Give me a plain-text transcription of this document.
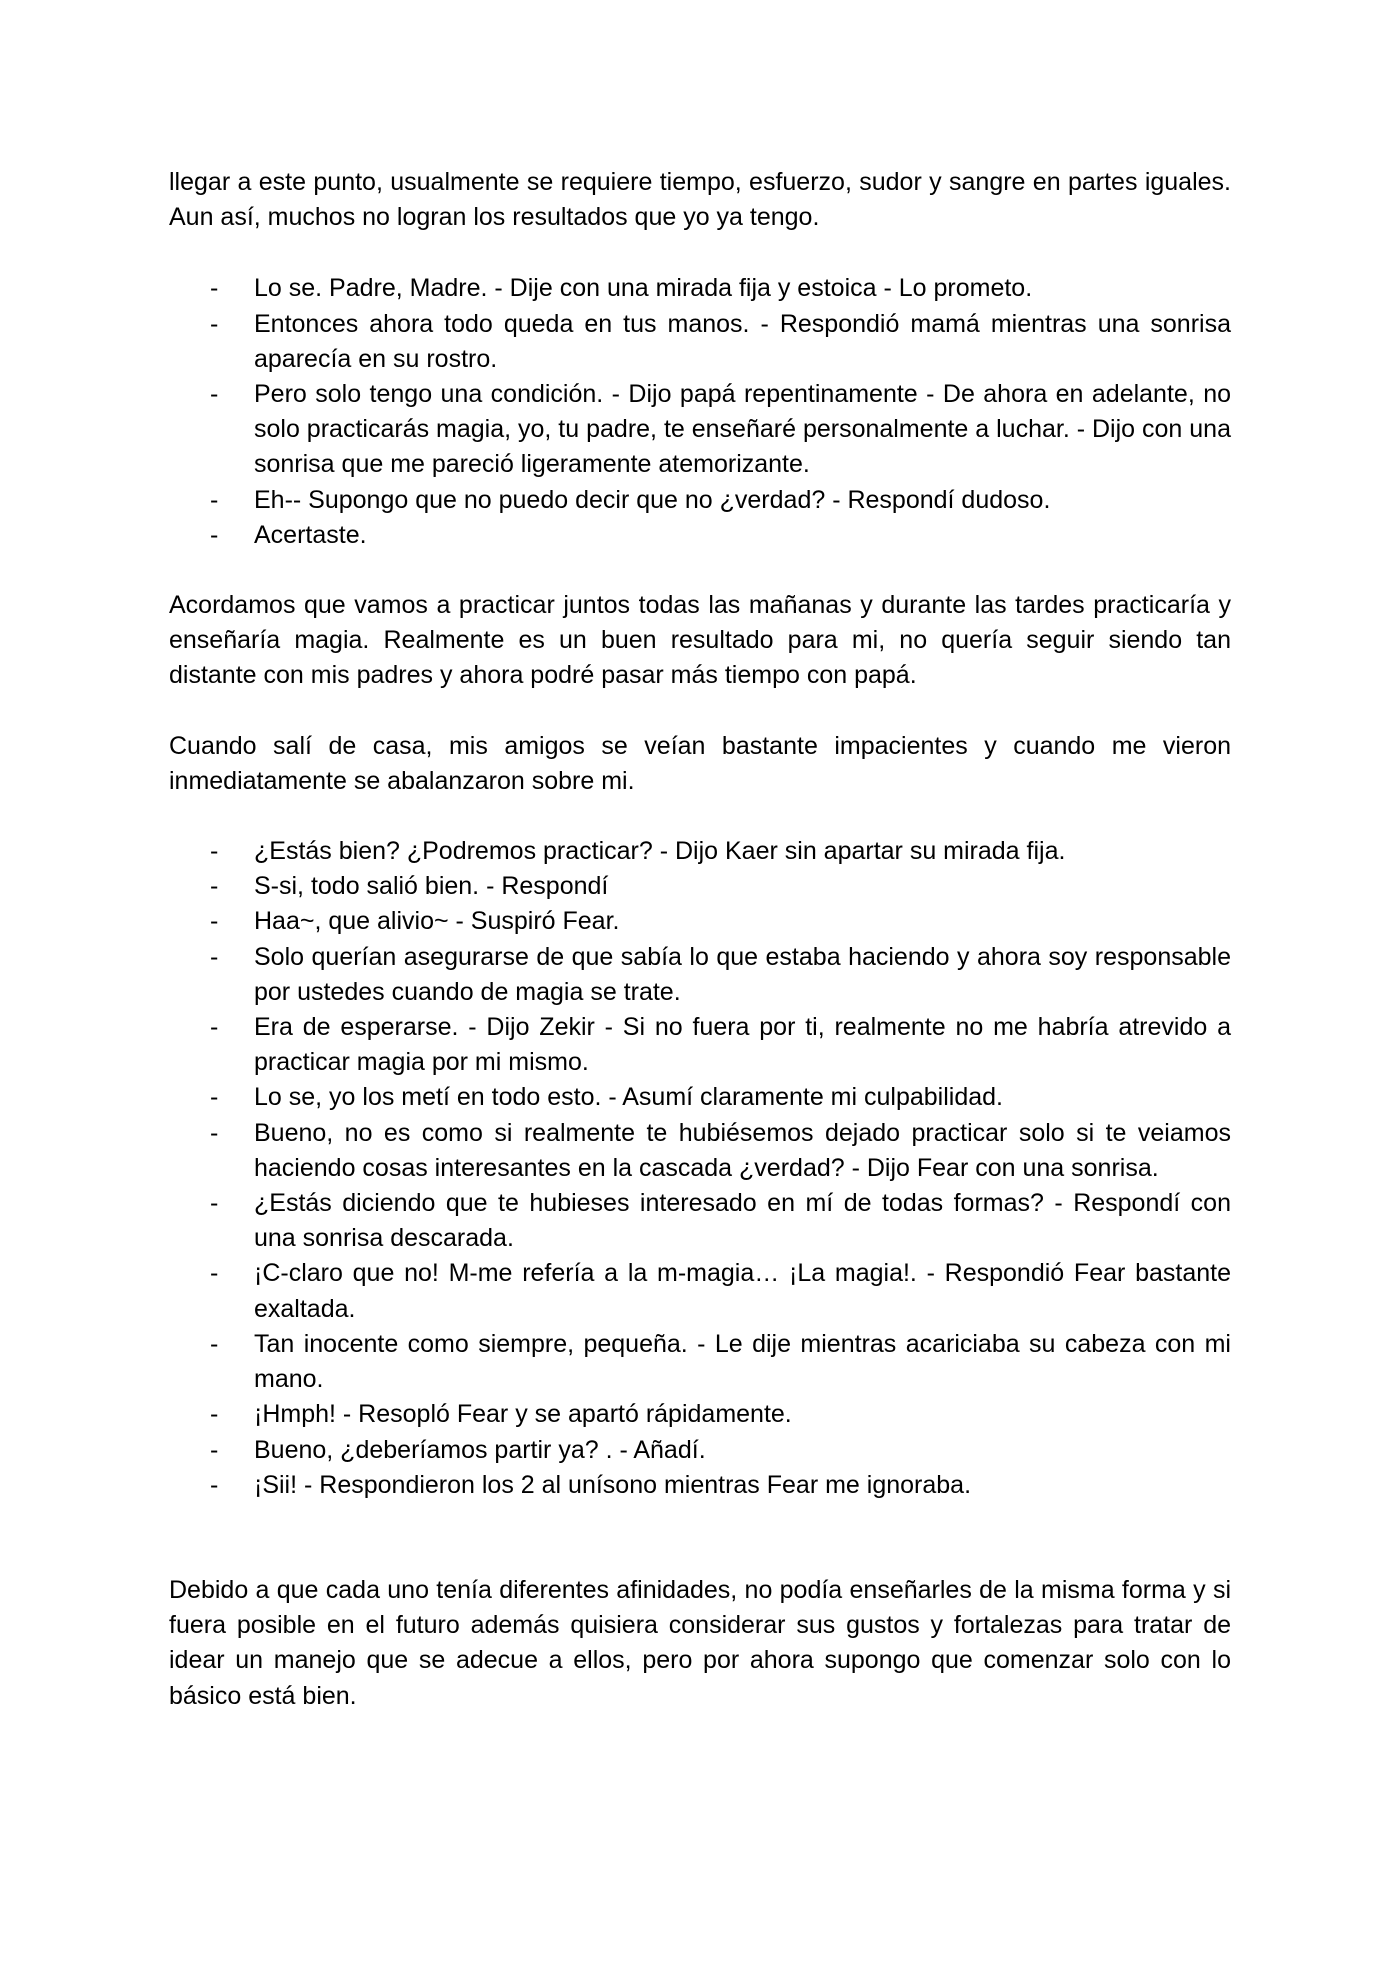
llegar a este punto, usualmente se requiere tiempo, esfuerzo, sudor y sangre en partes iguales. Aun así, muchos no logran los resultados que yo ya tengo.

- Lo se. Padre, Madre. - Dije con una mirada fija y estoica - Lo prometo.
- Entonces ahora todo queda en tus manos. - Respondió mamá mientras una sonrisa aparecía en su rostro.
- Pero solo tengo una condición. - Dijo papá repentinamente - De ahora en adelante, no solo practicarás magia, yo, tu padre, te enseñaré personalmente a luchar. - Dijo con una sonrisa que me pareció ligeramente atemorizante.
- Eh-- Supongo que no puedo decir que no ¿verdad? - Respondí dudoso.
- Acertaste.

Acordamos que vamos a practicar juntos todas las mañanas y durante las tardes practicaría y enseñaría magia. Realmente es un buen resultado para mi, no quería seguir siendo tan distante con mis padres y ahora podré pasar más tiempo con papá.

Cuando salí de casa, mis amigos se veían bastante impacientes y cuando me vieron inmediatamente se abalanzaron sobre mi.

- ¿Estás bien? ¿Podremos practicar? - Dijo Kaer sin apartar su mirada fija.
- S-si, todo salió bien. - Respondí
- Haa~, que alivio~ - Suspiró Fear.
- Solo querían asegurarse de que sabía lo que estaba haciendo y ahora soy responsable por ustedes cuando de magia se trate.
- Era de esperarse. - Dijo Zekir - Si no fuera por ti, realmente no me habría atrevido a practicar magia por mi mismo.
- Lo se, yo los metí en todo esto. - Asumí claramente mi culpabilidad.
- Bueno, no es como si realmente te hubiésemos dejado practicar solo si te veiamos haciendo cosas interesantes en la cascada ¿verdad? - Dijo Fear con una sonrisa.
- ¿Estás diciendo que te hubieses interesado en mí de todas formas? - Respondí con una sonrisa descarada.
- ¡C-claro que no! M-me refería a la m-magia… ¡La magia!. - Respondió Fear bastante exaltada.
- Tan inocente como siempre, pequeña. - Le dije mientras acariciaba su cabeza con mi mano.
- ¡Hmph! - Resopló Fear y se apartó rápidamente.
- Bueno, ¿deberíamos partir ya? . - Añadí.
- ¡Sii! - Respondieron los 2 al unísono mientras Fear me ignoraba.

Debido a que cada uno tenía diferentes afinidades, no podía enseñarles de la misma forma y si fuera posible en el futuro además quisiera considerar sus gustos y fortalezas para tratar de idear un manejo que se adecue a ellos, pero por ahora supongo que comenzar solo con lo básico está bien.
